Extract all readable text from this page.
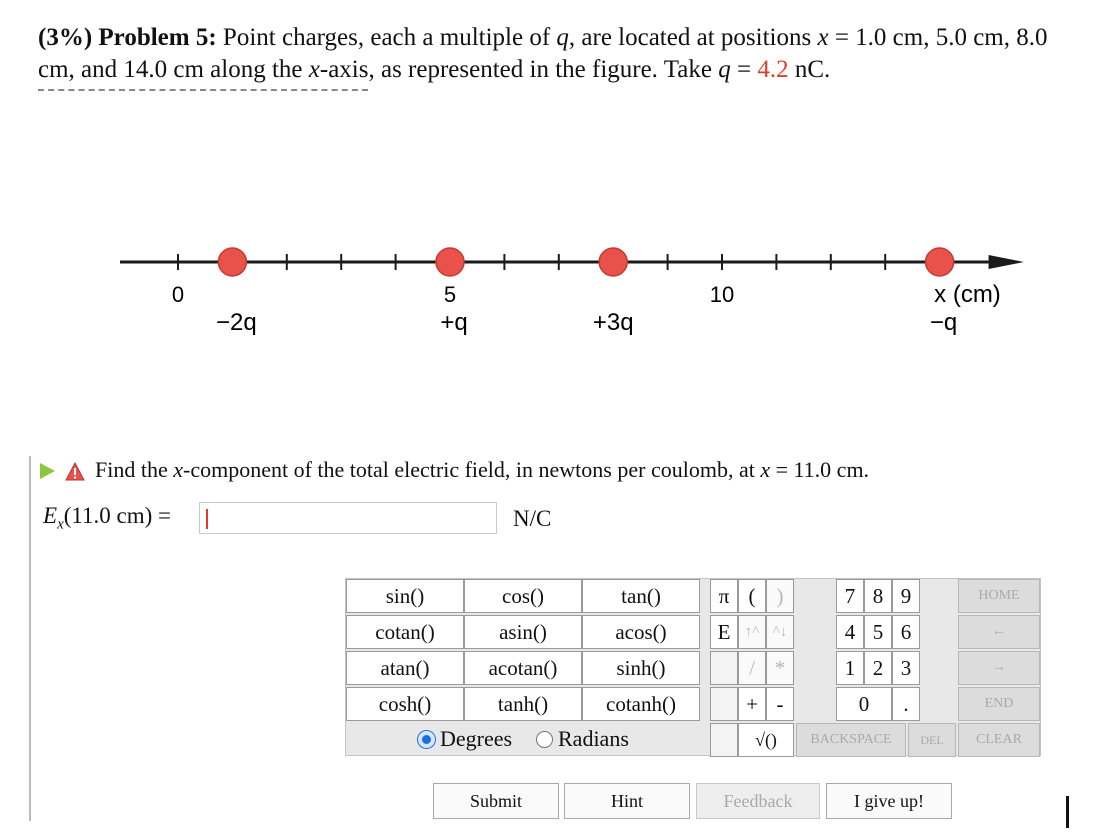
(3%) Problem 5: Point charges, each a multiple of q, are located at positions x = 1.0 cm, 5.0 cm, 8.0 cm, and 14.0 cm along the x-axis, as represented in the figure. Take q = 4.2 nC.
0	5	10	x (cm)
−2q	+q	+3q	−q
Find the x-component of the total electric field, in newtons per coulomb, at x = 11.0 cm.
$E_x(11.0$ cm) =	N/C
sin()	cos()	tan()
cotan()	asin()	acos()
atan()	acotan()	sinh()
cosh()	tanh()	cotanh()
Degrees	Radians
π (	)
E ↑^ ^↓
/ *
+ -
√()
7 8 9
4 5 6
1 2 3
0	.
HOME
←
→
END
BACKSPACE	DEL	CLEAR
Submit	Hint	Feedback	I give up!
